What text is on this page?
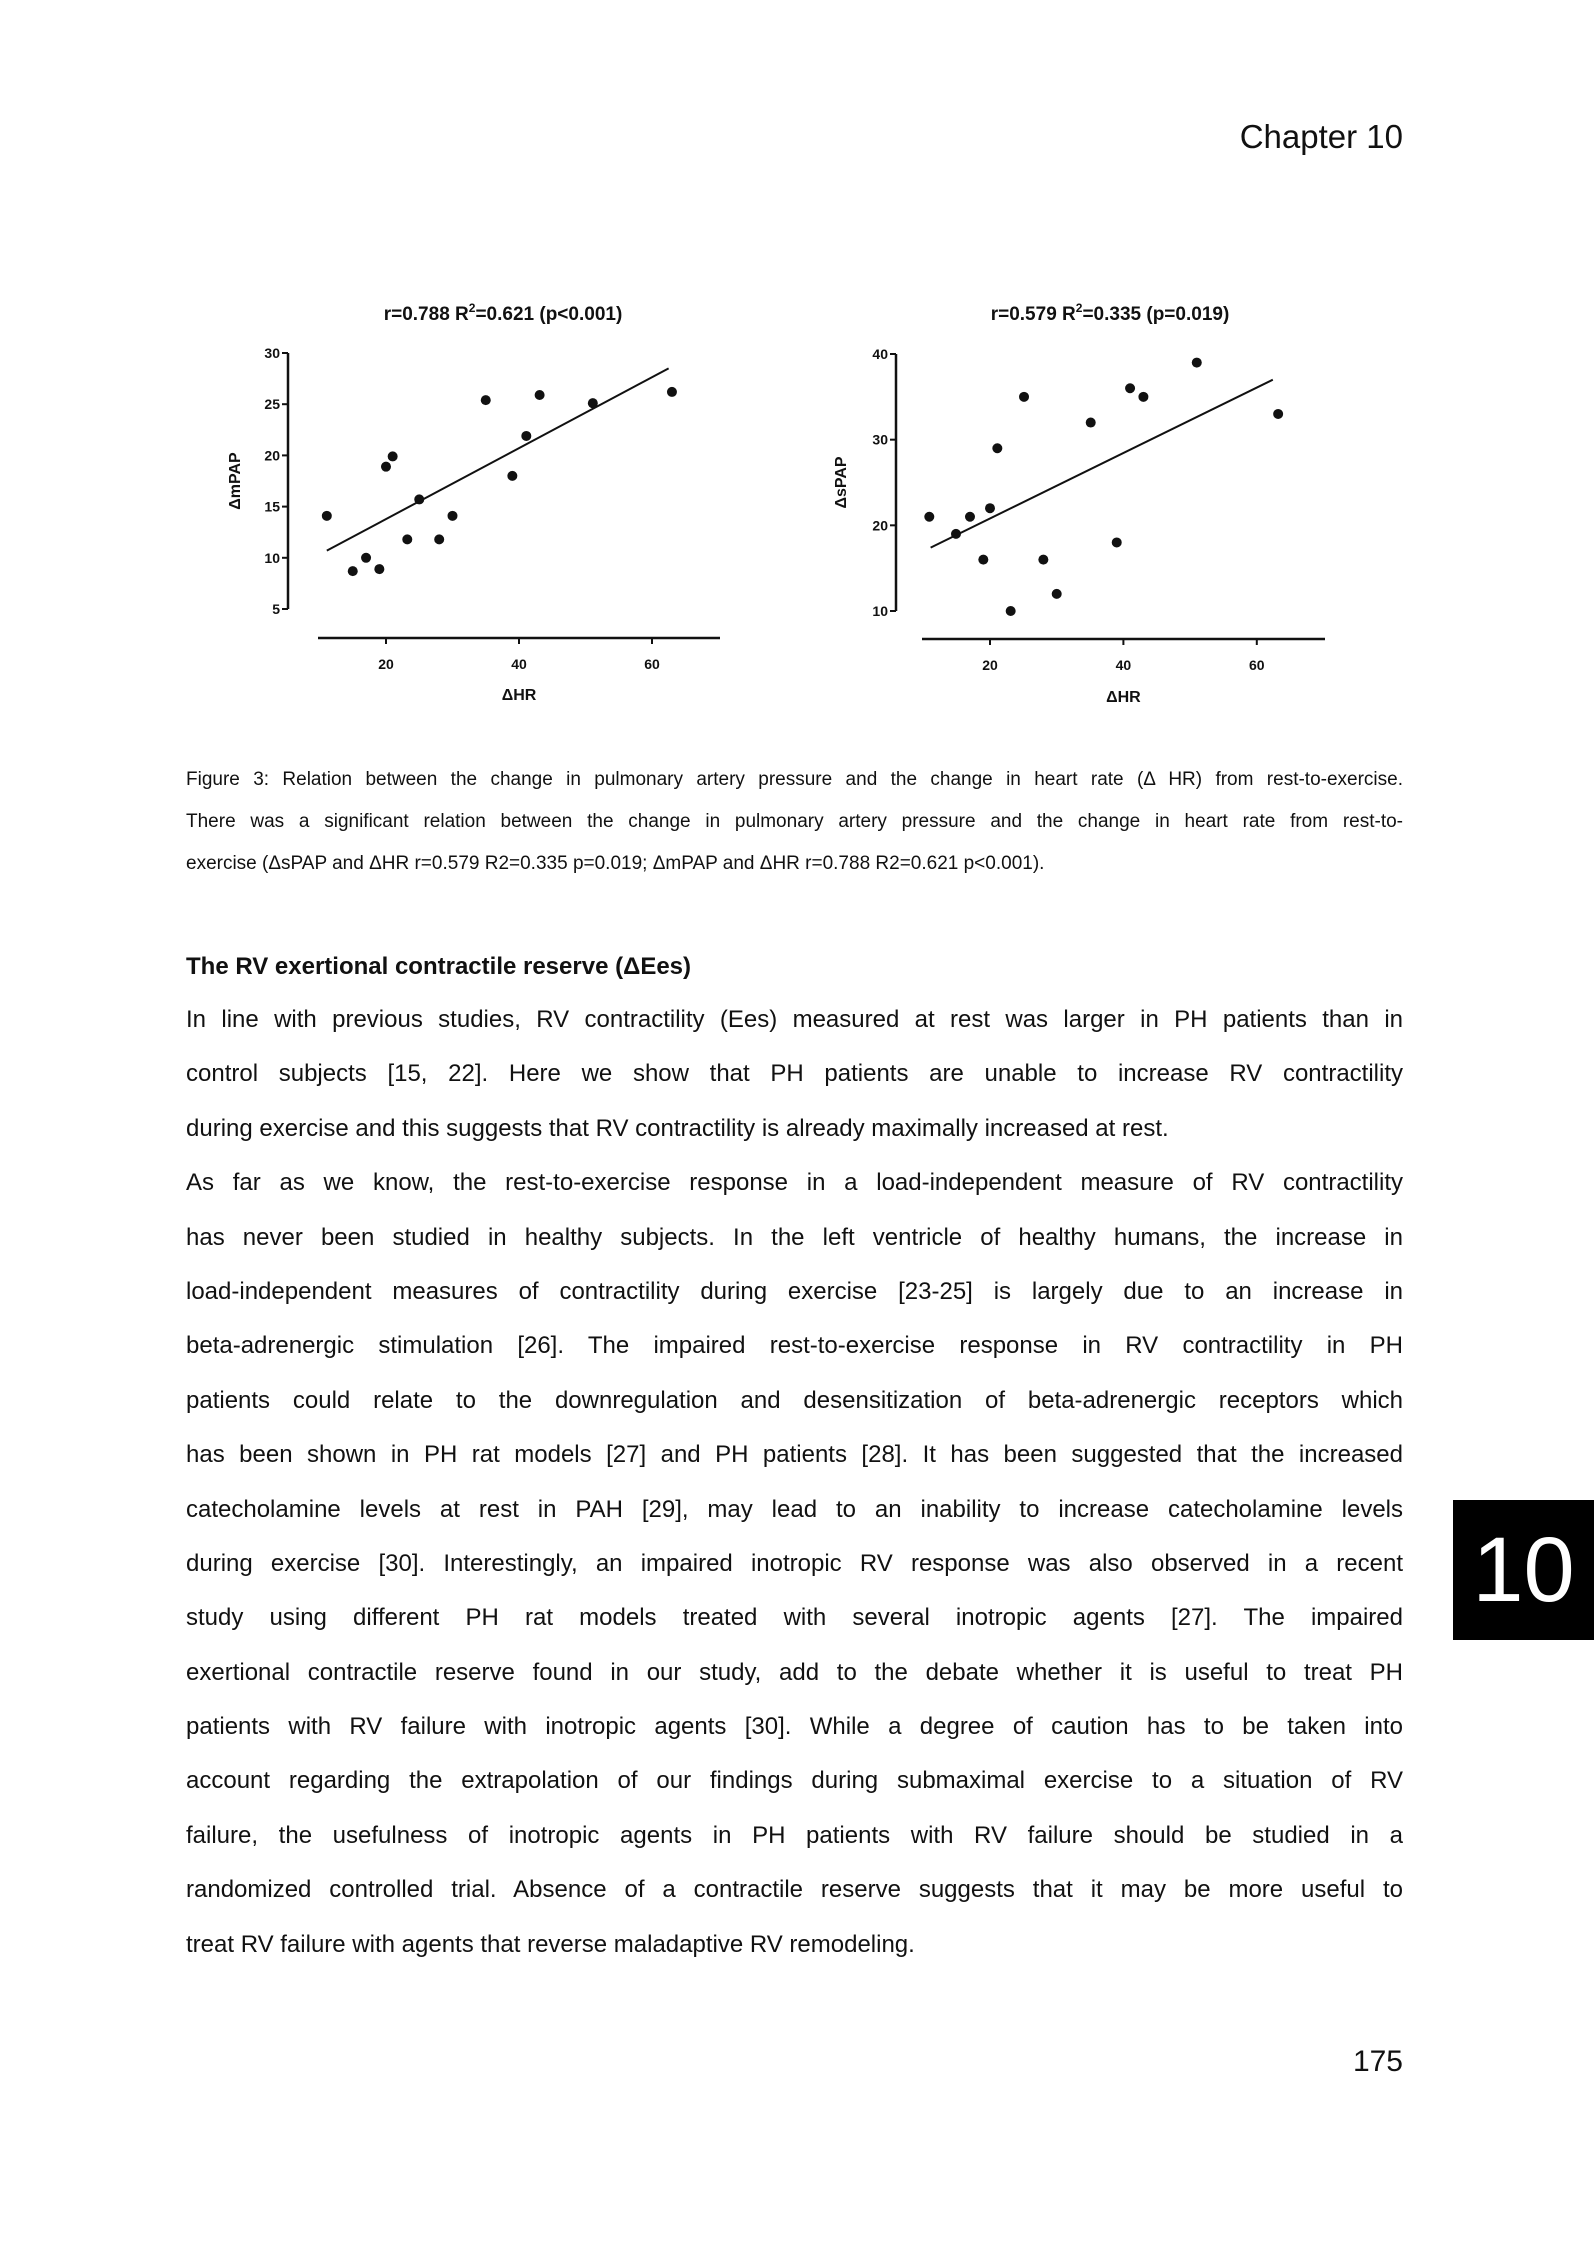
Chapter 10
r=0.788 $R^2=0.621$ (p<0.001)
5
10
15
20
25
30
20	40	60
ΔHR
ΔmPAP
r=0.579 $R^2=0.335$ (p=0.019)
10
20
30
40
20	40	60
ΔHR
ΔsPAP
Figure 3: Relation between the change in pulmonary artery pressure and the change in heart rate (Δ HR) from rest-to-exercise.
There was a significant relation between the change in pulmonary artery pressure and the change in heart rate from rest-to-
exercise (ΔsPAP and ΔHR r=0.579 R2=0.335 p=0.019; ΔmPAP and ΔHR r=0.788 R2=0.621 p<0.001).
The RV exertional contractile reserve (ΔEes)
In line with previous studies, RV contractility (Ees) measured at rest was larger in PH patients than in
control subjects [15, 22]. Here we show that PH patients are unable to increase RV contractility
during exercise and this suggests that RV contractility is already maximally increased at rest.
As far as we know, the rest-to-exercise response in a load-independent measure of RV contractility
has never been studied in healthy subjects. In the left ventricle of healthy humans, the increase in
load-independent measures of contractility during exercise [23-25] is largely due to an increase in
beta-adrenergic stimulation [26]. The impaired rest-to-exercise response in RV contractility in PH
patients could relate to the downregulation and desensitization of beta-adrenergic receptors which
has been shown in PH rat models [27] and PH patients [28]. It has been suggested that the increased
catecholamine levels at rest in PAH [29], may lead to an inability to increase catecholamine levels
during exercise [30]. Interestingly, an impaired inotropic RV response was also observed in a recent
study using different PH rat models treated with several inotropic agents [27]. The impaired
exertional contractile reserve found in our study, add to the debate whether it is useful to treat PH
patients with RV failure with inotropic agents [30]. While a degree of caution has to be taken into
account regarding the extrapolation of our findings during submaximal exercise to a situation of RV
failure, the usefulness of inotropic agents in PH patients with RV failure should be studied in a
randomized controlled trial. Absence of a contractile reserve suggests that it may be more useful to
treat RV failure with agents that reverse maladaptive RV remodeling.
175
10
